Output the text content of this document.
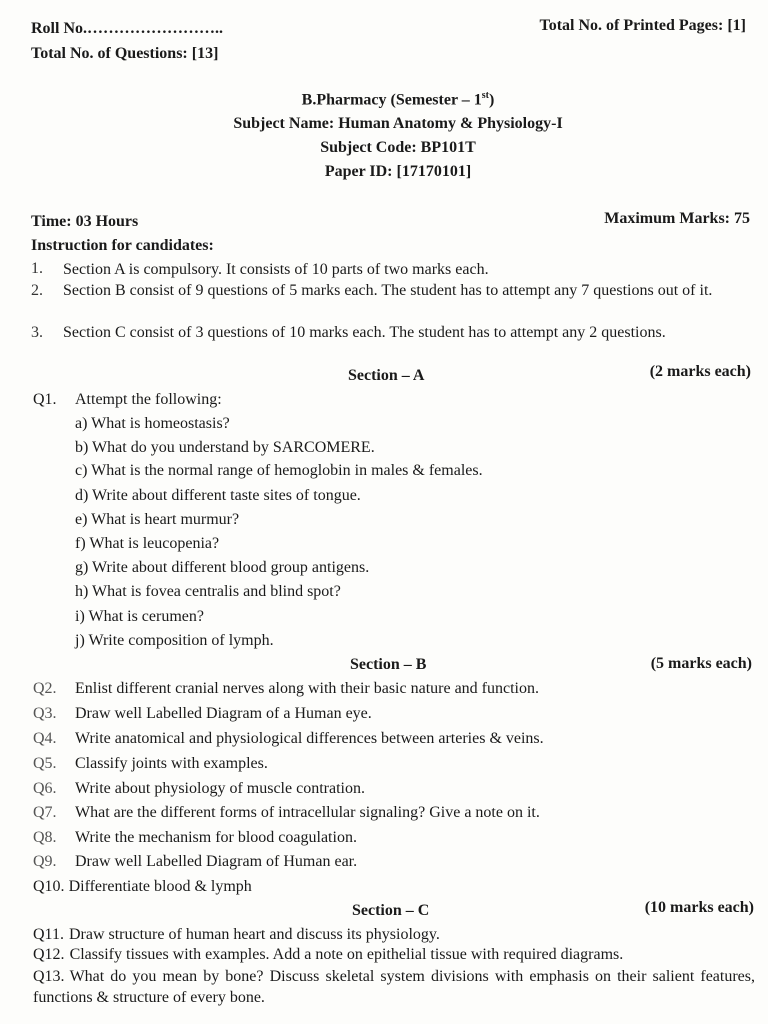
Roll No.……………………..	Total No. of Printed Pages: [1]
Total No. of Questions: [13]
B.Pharmacy (Semester – 1st)
Subject Name: Human Anatomy & Physiology-I
Subject Code: BP101T
Paper ID: [17170101]
Time: 03 Hours	Maximum Marks: 75
Instruction for candidates:
1. Section A is compulsory. It consists of 10 parts of two marks each.
2. Section B consist of 9 questions of 5 marks each. The student has to attempt any 7 questions out of it.
3. Section C consist of 3 questions of 10 marks each. The student has to attempt any 2 questions.
Section – A	(2 marks each)
Q1. Attempt the following:
a) What is homeostasis?
b) What do you understand by SARCOMERE.
c) What is the normal range of hemoglobin in males & females.
d) Write about different taste sites of tongue.
e) What is heart murmur?
f) What is leucopenia?
g) Write about different blood group antigens.
h) What is fovea centralis and blind spot?
i) What is cerumen?
j) Write composition of lymph.
Section – B	(5 marks each)
Q2. Enlist different cranial nerves along with their basic nature and function.
Q3. Draw well Labelled Diagram of a Human eye.
Q4. Write anatomical and physiological differences between arteries & veins.
Q5. Classify joints with examples.
Q6. Write about physiology of muscle contration.
Q7. What are the different forms of intracellular signaling? Give a note on it.
Q8. Write the mechanism for blood coagulation.
Q9. Draw well Labelled Diagram of Human ear.
Q10. Differentiate blood & lymph
Section – C	(10 marks each)
Q11. Draw structure of human heart and discuss its physiology.
Q12. Classify tissues with examples. Add a note on epithelial tissue with required diagrams.
Q13. What do you mean by bone? Discuss skeletal system divisions with emphasis on their salient features, functions & structure of every bone.
